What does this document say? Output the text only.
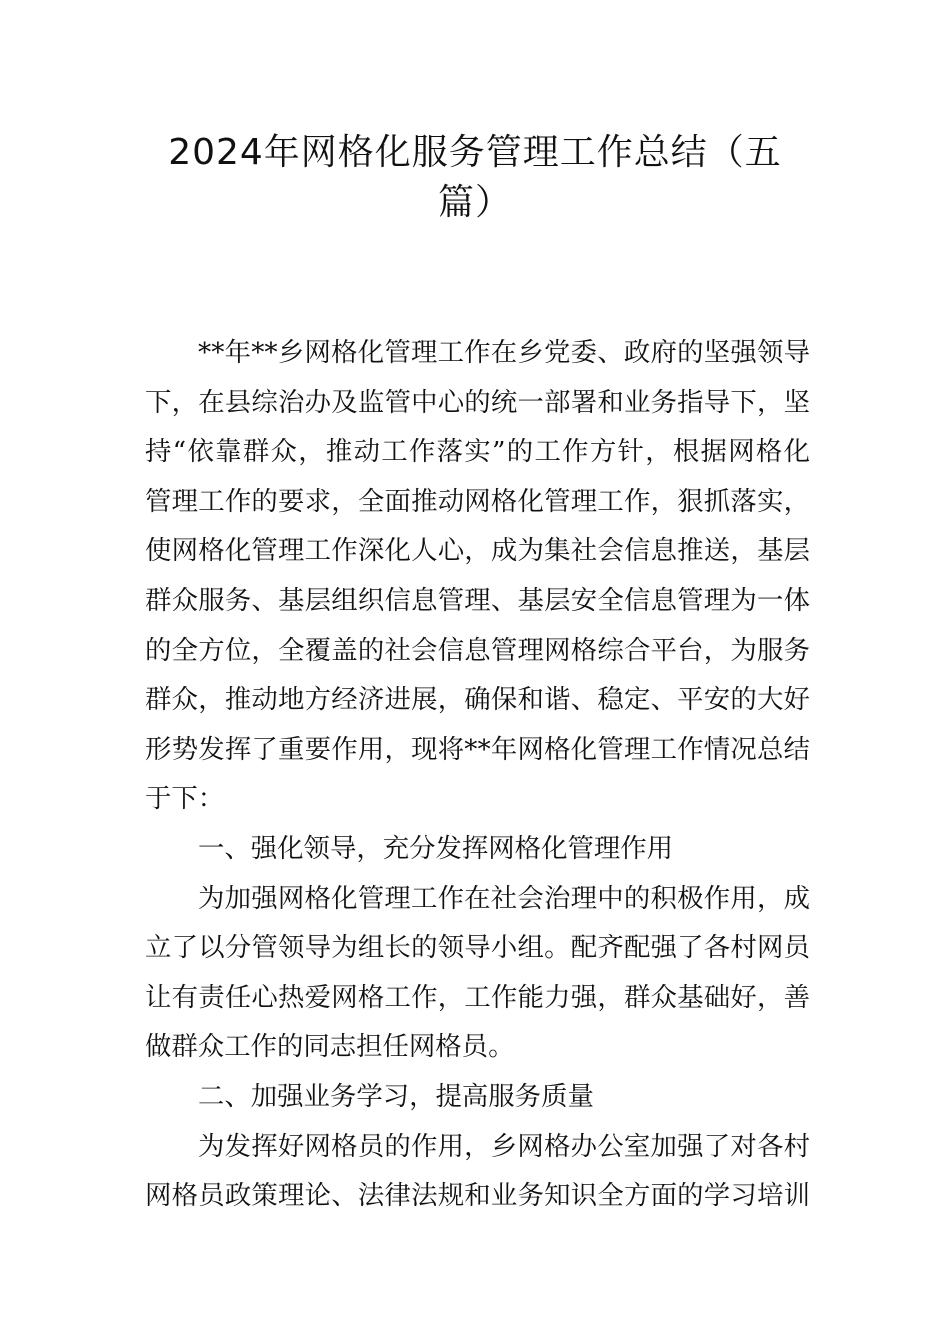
2024年网格化服务管理工作总结（五
篇）
**年**乡网格化管理工作在乡党委、政府的坚强领导
下，在县综治办及监管中心的统一部署和业务指导下，坚
持“依靠群众，推动工作落实”的工作方针，根据网格化
管理工作的要求，全面推动网格化管理工作，狠抓落实，
使网格化管理工作深化人心，成为集社会信息推送，基层
群众服务、基层组织信息管理、基层安全信息管理为一体
的全方位，全覆盖的社会信息管理网格综合平台，为服务
群众，推动地方经济进展，确保和谐、稳定、平安的大好
形势发挥了重要作用，现将**年网格化管理工作情况总结
于下：
一、强化领导，充分发挥网格化管理作用
为加强网格化管理工作在社会治理中的积极作用，成
立了以分管领导为组长的领导小组。配齐配强了各村网员
让有责任心热爱网格工作，工作能力强，群众基础好，善
做群众工作的同志担任网格员。
二、加强业务学习，提高服务质量
为发挥好网格员的作用，乡网格办公室加强了对各村
网格员政策理论、法律法规和业务知识全方面的学习培训
